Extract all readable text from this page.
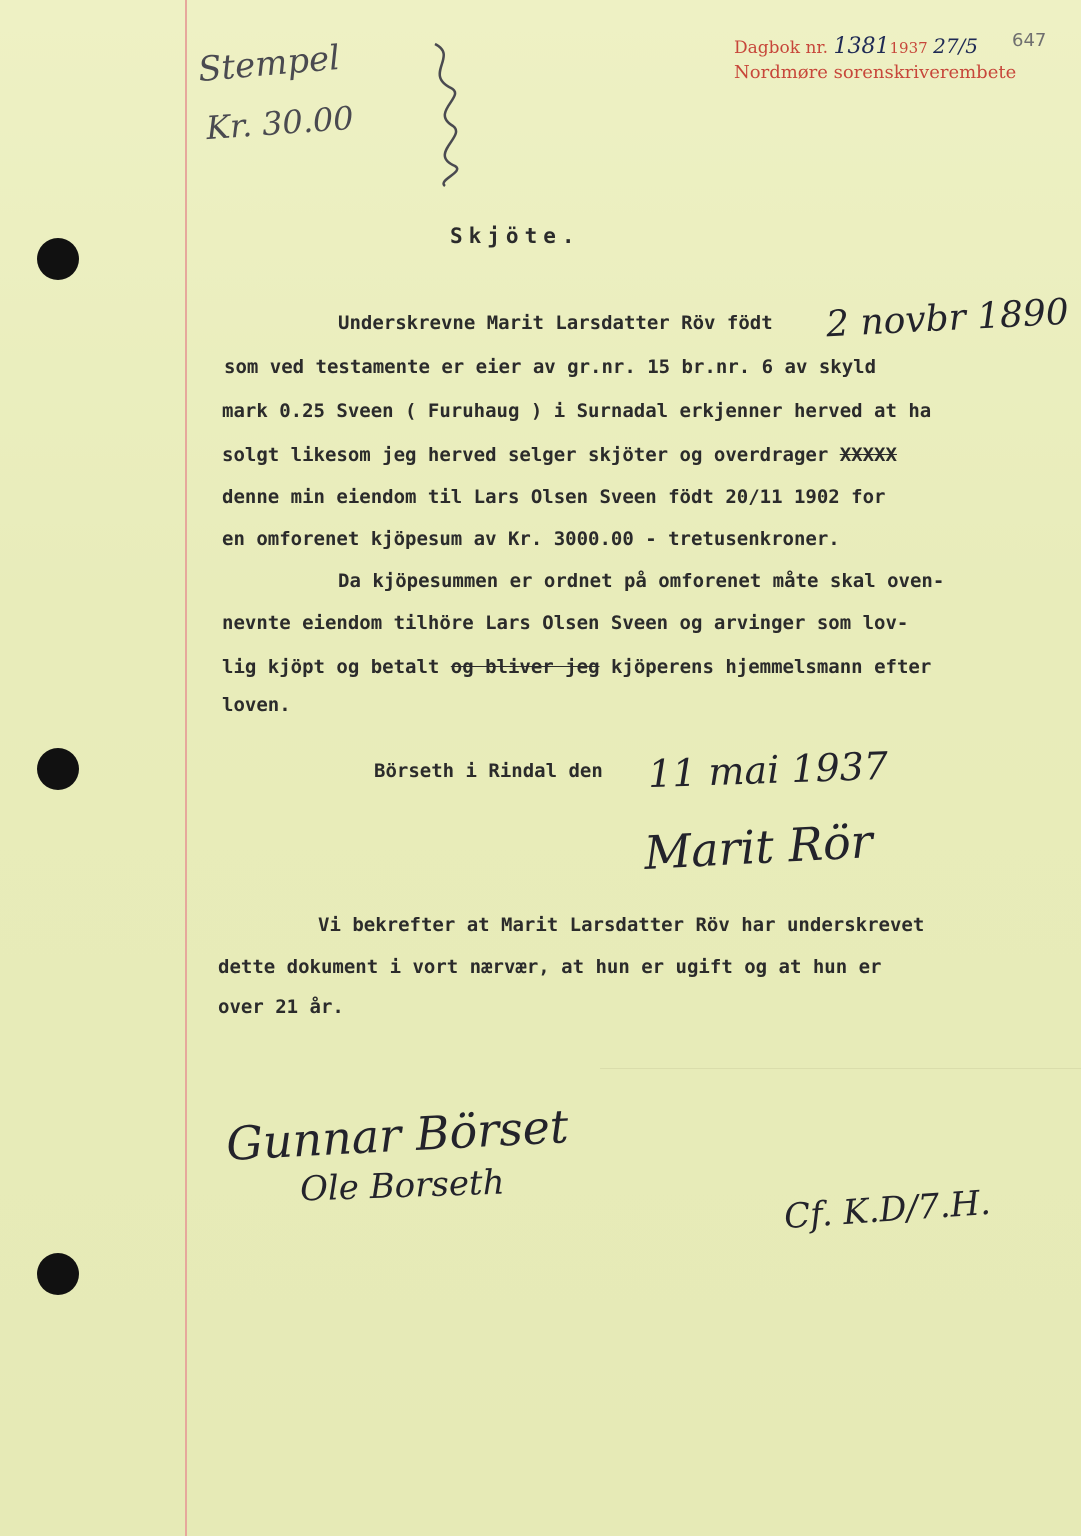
Dagbok nr. 13811937 27/5 647
Nordmøre sorenskriverembete
Stempel
Kr. 30.00
Skjöte.
Underskrevne Marit Larsdatter Röv födt 2 novbr 1890
som ved testamente er eier av gr.nr. 15 br.nr. 6 av skyld
mark 0.25 Sveen ( Furuhaug ) i Surnadal erkjenner herved at ha
solgt likesom jeg herved selger skjöter og overdrager XXXXX
denne min eiendom til Lars Olsen Sveen födt 20/11 1902 for
en omforenet kjöpesum av Kr. 3000.00 - tretusenkroner.
Da kjöpesummen er ordnet på omforenet måte skal oven-
nevnte eiendom tilhöre Lars Olsen Sveen og arvinger som lov-
lig kjöpt og betalt og bliver jeg kjöperens hjemmelsmann efter
loven.
Börseth i Rindal den 11 mai 1937
Marit Rör
Vi bekrefter at Marit Larsdatter Röv har underskrevet
dette dokument i vort nærvær, at hun er ugift og at hun er
over 21 år.
Gunnar Börset
Ole Borseth	Cf. K.D/7.H.
